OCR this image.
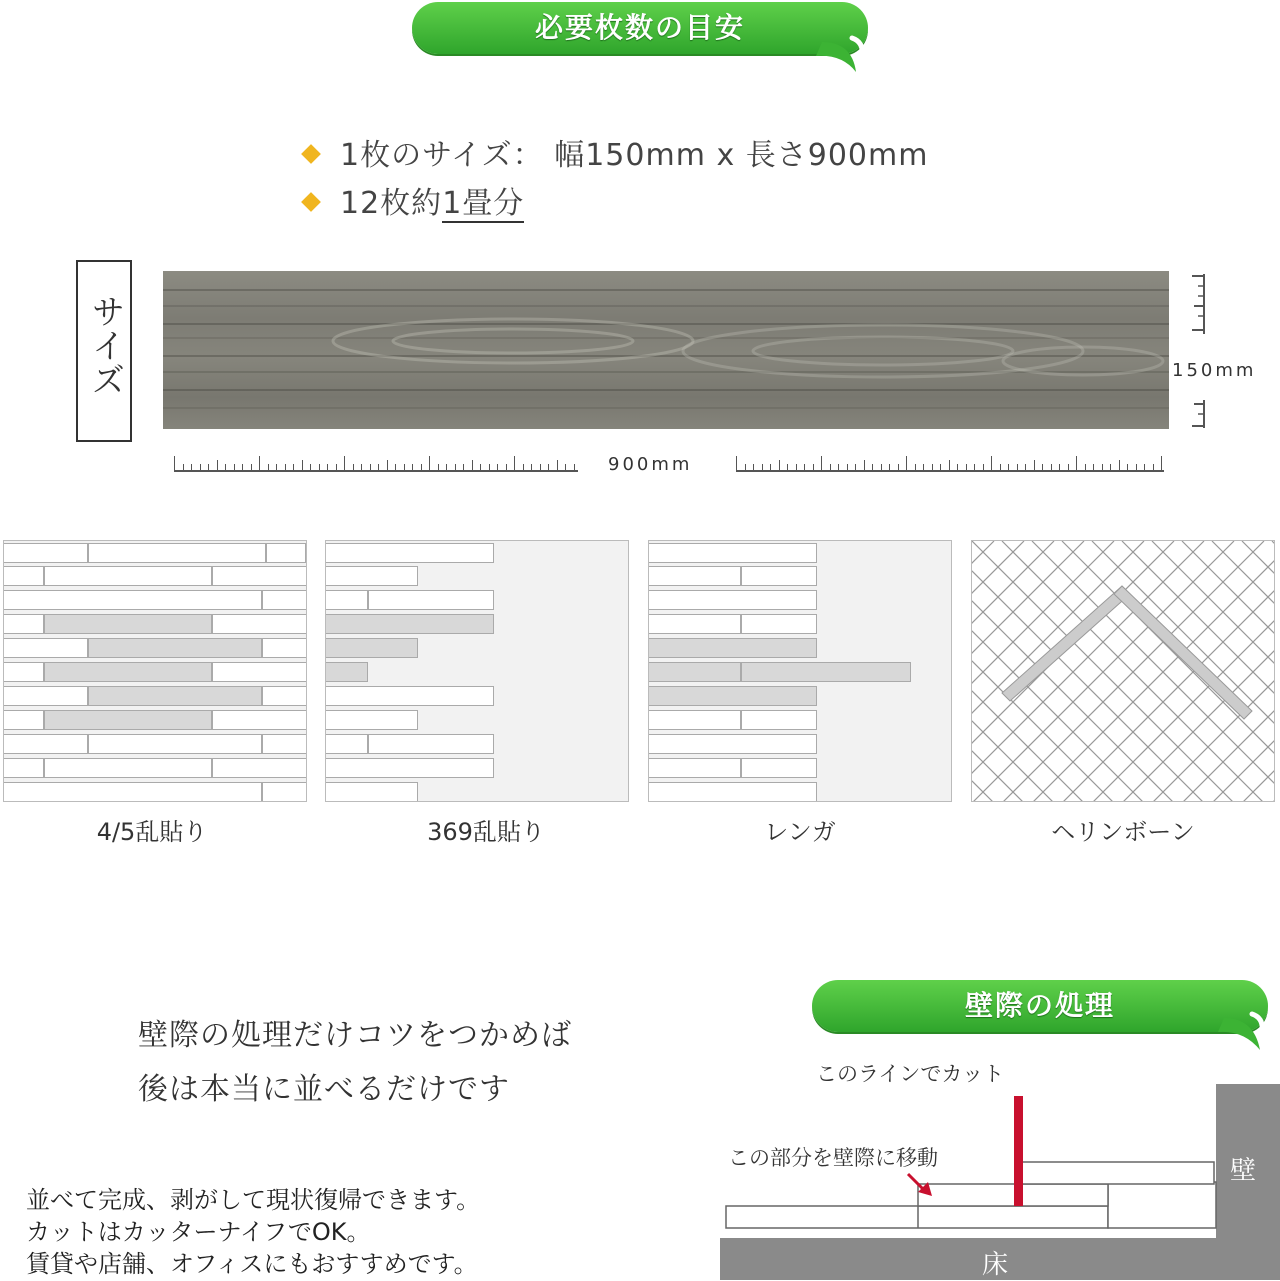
必要枚数の目安
1枚のサイズ： 幅150mm x 長さ900mm
12枚約1畳分
サイズ	150mm
900mm
4/5乱貼り	369乱貼り	レンガ	ヘリンボーン
壁際の処理だけコツをつかめば
後は本当に並べるだけです
並べて完成、剥がして現状復帰できます。
カットはカッターナイフでOK。
賃貸や店舗、オフィスにもおすすめです。
壁際の処理
このラインでカット
この部分を壁際に移動	壁
床
